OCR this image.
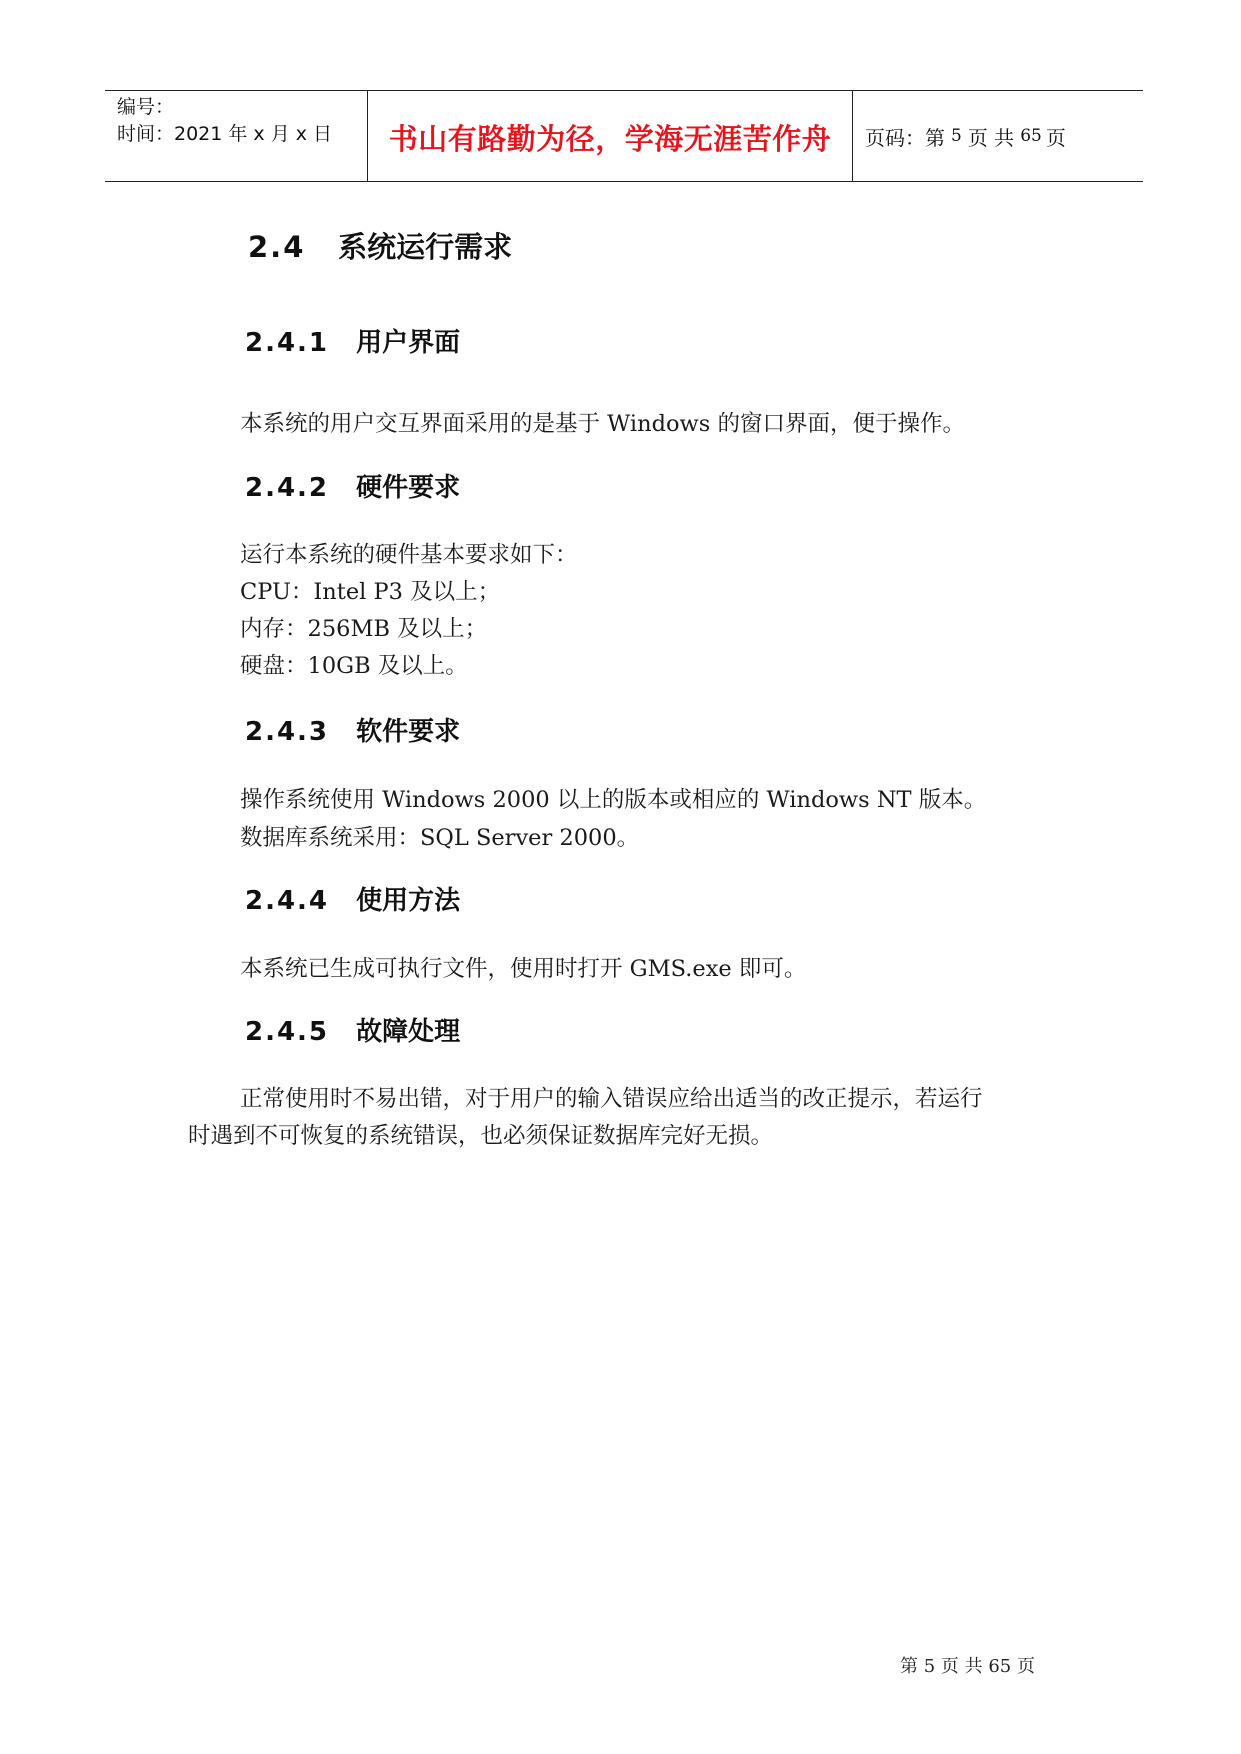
编号：
时间：2021 年 x 月 x 日 书山有路勤为径，学海无涯苦作舟 页码：第 5 页 共 65 页
2.4 系统运行需求
2.4.1 用户界面
本系统的用户交互界面采用的是基于 Windows 的窗口界面，便于操作。
2.4.2 硬件要求
运行本系统的硬件基本要求如下：
CPU：Intel P3 及以上；
内存：256MB 及以上；
硬盘：10GB 及以上。
2.4.3 软件要求
操作系统使用 Windows 2000 以上的版本或相应的 Windows NT 版本。
数据库系统采用：SQL Server 2000。
2.4.4 使用方法
本系统已生成可执行文件，使用时打开 GMS.exe 即可。
2.4.5 故障处理
正常使用时不易出错，对于用户的输入错误应给出适当的改正提示，若运行
时遇到不可恢复的系统错误，也必须保证数据库完好无损。
第 5 页 共 65 页
